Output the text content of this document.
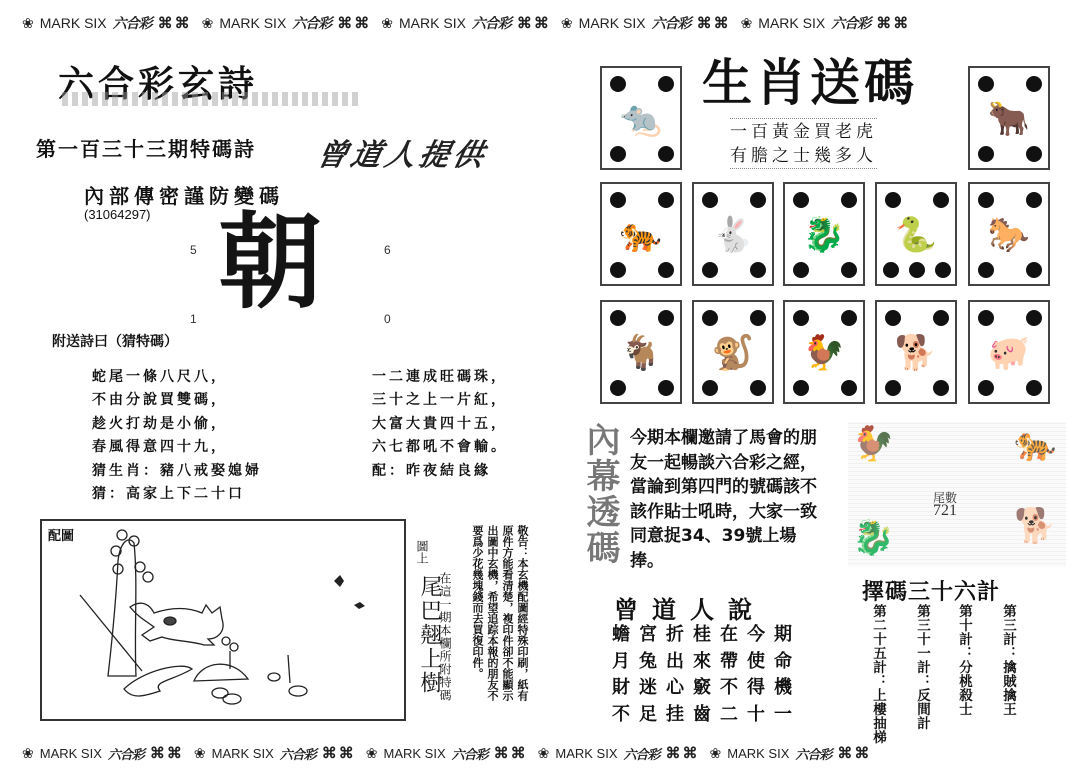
❀ MARK SIX 六合彩 ⌘⌘ ❀ MARK SIX 六合彩 ⌘⌘ ❀ MARK SIX 六合彩 ⌘⌘ ❀ MARK SIX 六合彩 ⌘⌘ ❀ MARK SIX 六合彩 ⌘⌘
❀ MARK SIX 六合彩 ⌘⌘ ❀ MARK SIX 六合彩 ⌘⌘ ❀ MARK SIX 六合彩 ⌘⌘ ❀ MARK SIX 六合彩 ⌘⌘ ❀ MARK SIX 六合彩 ⌘⌘
六合彩玄詩
第一百三十三期特碼詩 曾道人提供
內部傳密謹防變碼
(31064297)
5	6
1	0
朝
附送詩曰（猜特碼）
蛇尾一條八尺八，
不由分說買雙碼，
趁火打劫是小偷，
春風得意四十九，
猜生肖：豬八戒娶媳婦
猜：高家上下二十口
一二連成旺碼珠，
三十之上一片紅，
大富大貴四十五，
六七都吼不會輸。
配：昨夜結良緣
配圖
圖上
尾巴翹上樹
在這一期本欄所附特碼	敬告：本玄機配圖經特殊印刷，紙有原件方能看清楚，複印件卻不能顯示出圖中玄機，希望追踪本報的朋友不要爲少花幾塊錢而去買復印件。
🐀	🐂
🐅	🐇	🐉	🐍	🐎
🐐	🐒	🐓	🐕	🐖
生肖送碼
一百黃金買老虎
有膽之士幾多人
內幕透碼 今期本欄邀請了馬會的朋友一起暢談六合彩之經，當論到第四門的號碼該不該作貼士吼時，大家一致同意捉34、39號上場捧。
曾道人說
蟾宮折桂在今期
月兔出來帶使命
財迷心竅不得機
不足挂齒二十一
🐓	🐅
🐉	🐕
尾數
721
擇碼三十六計
第三計：擒賊擒王
第十計：分桃殺士
第三十一計：反間計
第二十五計：上樓抽梯
